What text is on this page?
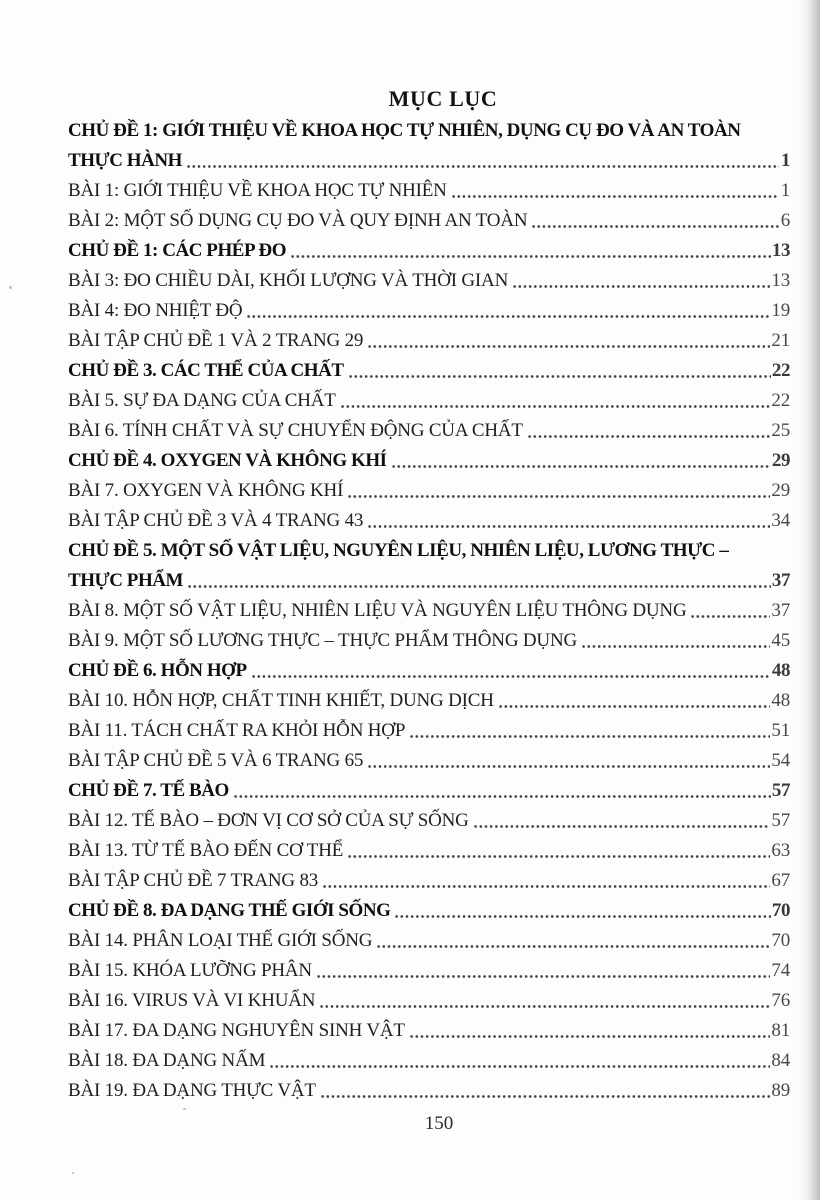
MỤC LỤC
CHỦ ĐỀ 1: GIỚI THIỆU VỀ KHOA HỌC TỰ NHIÊN, DỤNG CỤ ĐO VÀ AN TOÀN
THỰC HÀNH	1
BÀI 1: GIỚI THIỆU VỀ KHOA HỌC TỰ NHIÊN	1
BÀI 2: MỘT SỐ DỤNG CỤ ĐO VÀ QUY ĐỊNH AN TOÀN	6
CHỦ ĐỀ 1: CÁC PHÉP ĐO	13
BÀI 3: ĐO CHIỀU DÀI, KHỐI LƯỢNG VÀ THỜI GIAN	13
BÀI 4: ĐO NHIỆT ĐỘ	19
BÀI TẬP CHỦ ĐỀ 1 VÀ 2 TRANG 29	21
CHỦ ĐỀ 3. CÁC THỂ CỦA CHẤT	22
BÀI 5. SỰ ĐA DẠNG CỦA CHẤT	22
BÀI 6. TÍNH CHẤT VÀ SỰ CHUYỂN ĐỘNG CỦA CHẤT	25
CHỦ ĐỀ 4. OXYGEN VÀ KHÔNG KHÍ	29
BÀI 7. OXYGEN VÀ KHÔNG KHÍ	29
BÀI TẬP CHỦ ĐỀ 3 VÀ 4 TRANG 43	34
CHỦ ĐỀ 5. MỘT SỐ VẬT LIỆU, NGUYÊN LIỆU, NHIÊN LIỆU, LƯƠNG THỰC –
THỰC PHẨM	37
BÀI 8. MỘT SỐ VẬT LIỆU, NHIÊN LIỆU VÀ NGUYÊN LIỆU THÔNG DỤNG	37
BÀI 9. MỘT SỐ LƯƠNG THỰC – THỰC PHẨM THÔNG DỤNG	45
CHỦ ĐỀ 6. HỖN HỢP	48
BÀI 10. HỖN HỢP, CHẤT TINH KHIẾT, DUNG DỊCH	48
BÀI 11. TÁCH CHẤT RA KHỎI HỖN HỢP	51
BÀI TẬP CHỦ ĐỀ 5 VÀ 6 TRANG 65	54
CHỦ ĐỀ 7. TẾ BÀO	57
BÀI 12. TẾ BÀO – ĐƠN VỊ CƠ SỞ CỦA SỰ SỐNG	57
BÀI 13. TỪ TẾ BÀO ĐẾN CƠ THỂ	63
BÀI TẬP CHỦ ĐỀ 7 TRANG 83	67
CHỦ ĐỀ 8. ĐA DẠNG THẾ GIỚI SỐNG	70
BÀI 14. PHÂN LOẠI THẾ GIỚI SỐNG	70
BÀI 15. KHÓA LƯỠNG PHÂN	74
BÀI 16. VIRUS VÀ VI KHUẨN	76
BÀI 17. ĐA DẠNG NGHUYÊN SINH VẬT	81
BÀI 18. ĐA DẠNG NẤM	84
BÀI 19. ĐA DẠNG THỰC VẬT	89
150
